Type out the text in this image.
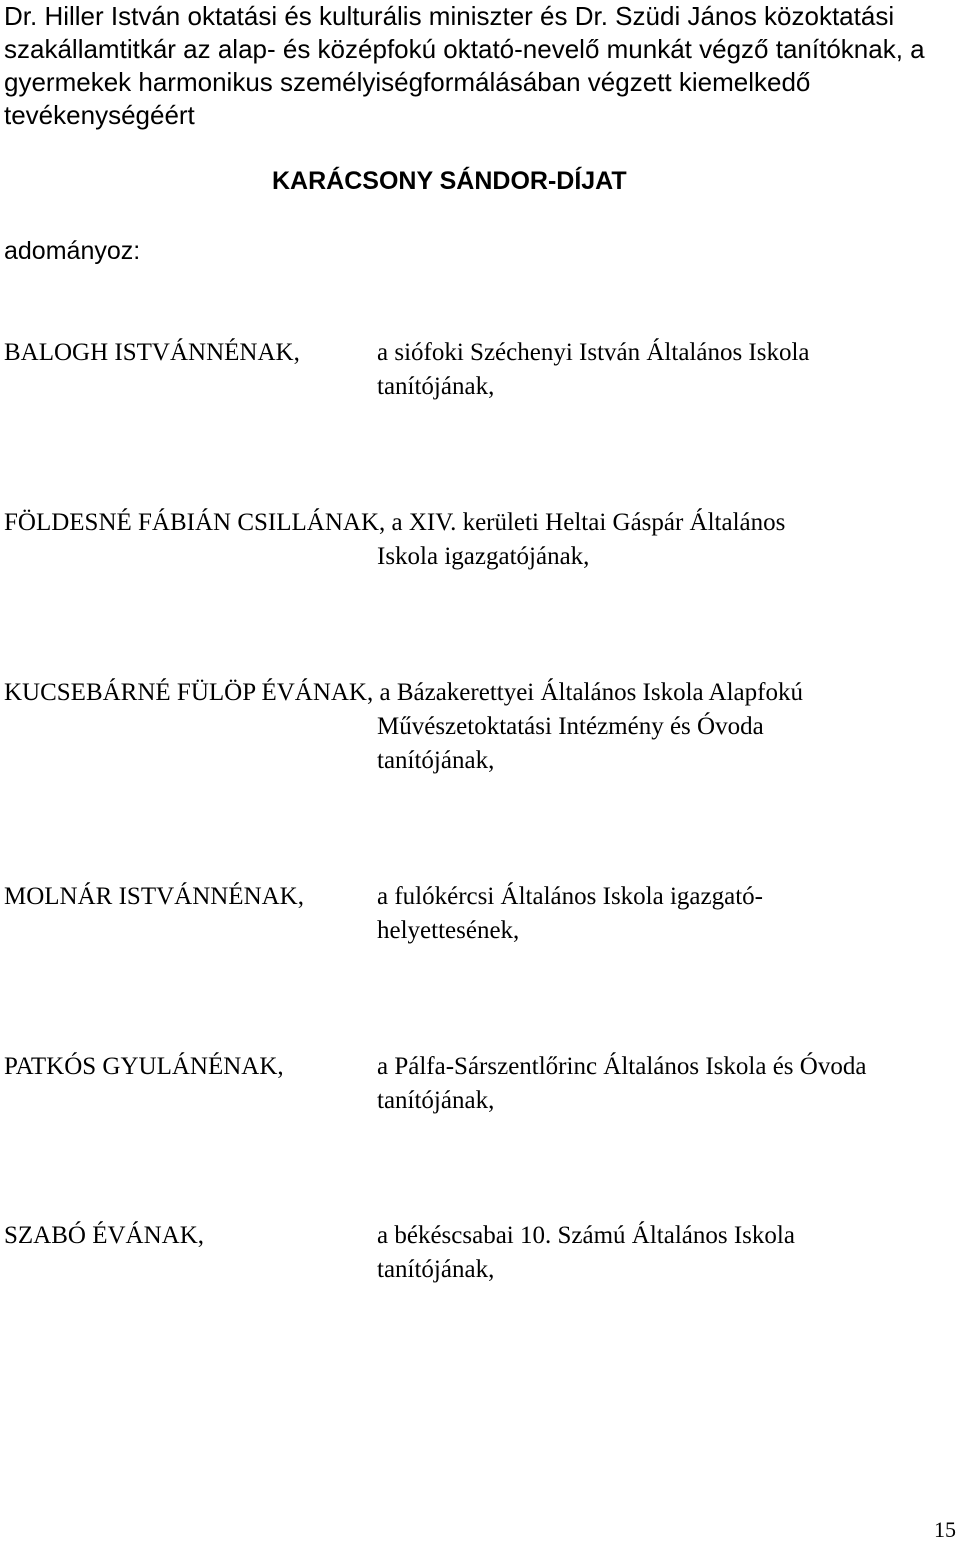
Dr. Hiller István oktatási és kulturális miniszter és Dr. Szüdi János közoktatási
szakállamtitkár az alap- és középfokú oktató-nevelő munkát végző tanítóknak, a
gyermekek harmonikus személyiségformálásában végzett kiemelkedő
tevékenységéért
KARÁCSONY SÁNDOR-DÍJAT
adományoz:
BALOGH ISTVÁNNÉNAK,	a siófoki Széchenyi István Általános Iskola
tanítójának,
FÖLDESNÉ FÁBIÁN CSILLÁNAK, a XIV. kerületi Heltai Gáspár Általános
Iskola igazgatójának,
KUCSEBÁRNÉ FÜLÖP ÉVÁNAK, a Bázakerettyei Általános Iskola Alapfokú
Művészetoktatási Intézmény és Óvoda
tanítójának,
MOLNÁR ISTVÁNNÉNAK,	a fulókércsi Általános Iskola igazgató-
helyettesének,
PATKÓS GYULÁNÉNAK,	a Pálfa-Sárszentlőrinc Általános Iskola és Óvoda
tanítójának,
SZABÓ ÉVÁNAK,	a békéscsabai 10. Számú Általános Iskola
tanítójának,
15
